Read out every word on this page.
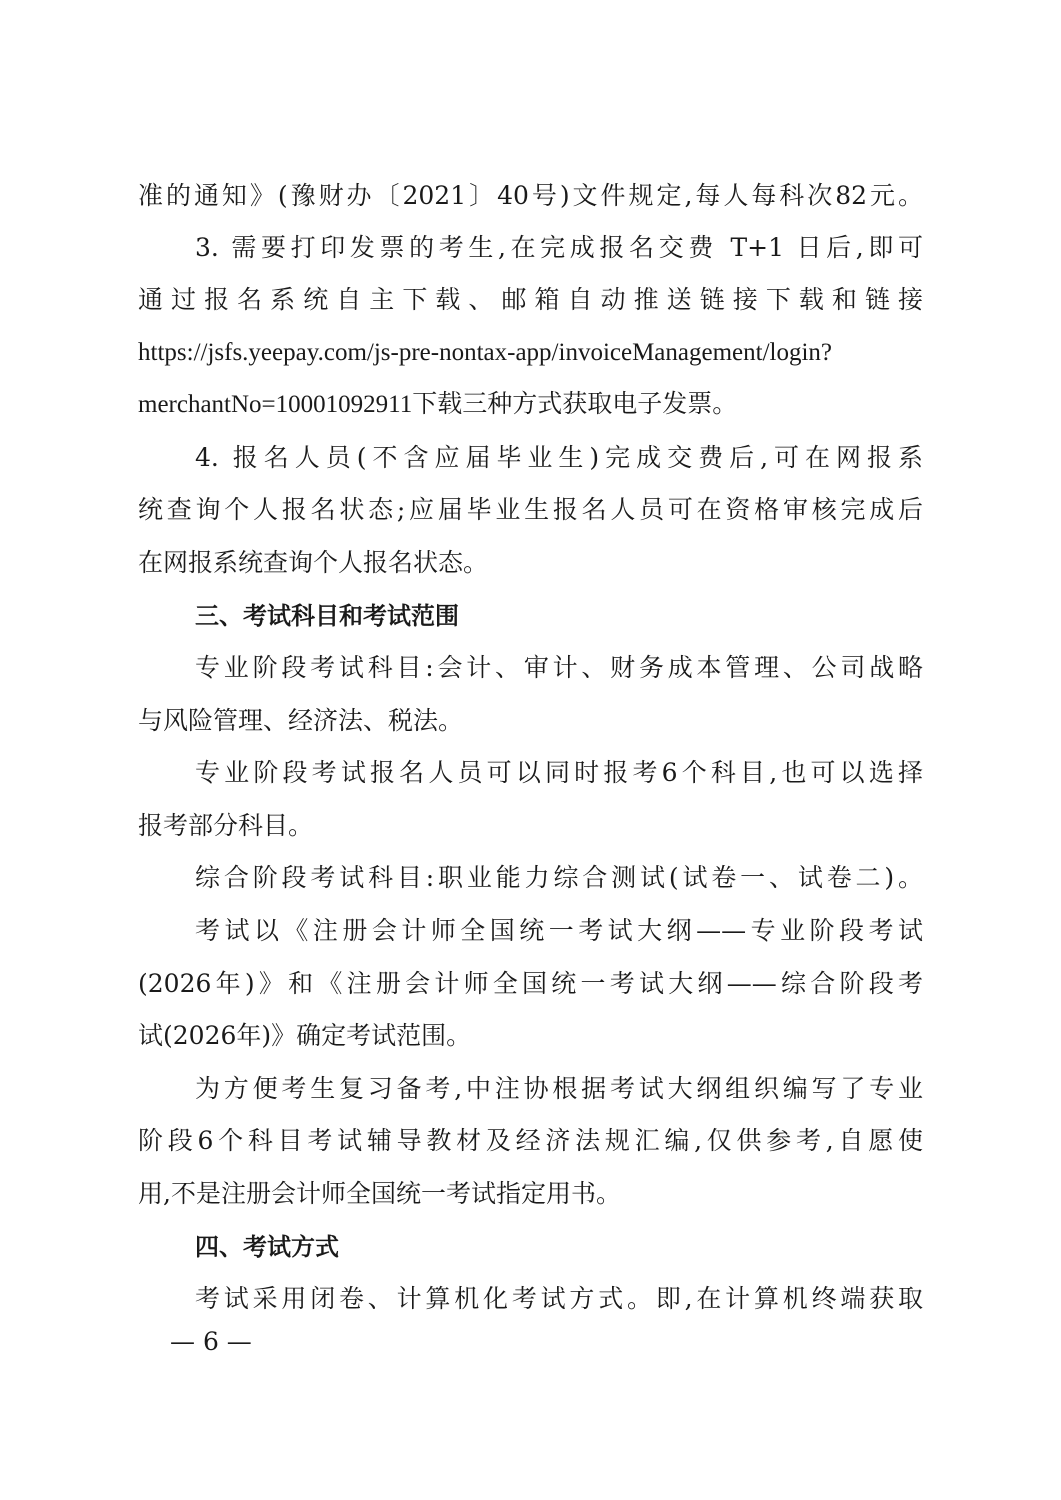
准的通知》(豫财办〔2021〕40号)文件规定,每人每科次82元。
3. 需要打印发票的考生,在完成报名交费 T+1 日后,即可
通过报名系统自主下载、邮箱自动推送链接下载和链接
https://jsfs.yeepay.com/js-pre-nontax-app/invoiceManagement/login?
merchantNo=10001092911下载三种方式获取电子发票。
4. 报名人员(不含应届毕业生)完成交费后,可在网报系
统查询个人报名状态;应届毕业生报名人员可在资格审核完成后
在网报系统查询个人报名状态。
三、考试科目和考试范围
专业阶段考试科目:会计、审计、财务成本管理、公司战略
与风险管理、经济法、税法。
专业阶段考试报名人员可以同时报考6个科目,也可以选择
报考部分科目。
综合阶段考试科目:职业能力综合测试(试卷一、试卷二)。
考试以《注册会计师全国统一考试大纲——专业阶段考试
(2026年)》和《注册会计师全国统一考试大纲——综合阶段考
试(2026年)》确定考试范围。
为方便考生复习备考,中注协根据考试大纲组织编写了专业
阶段6个科目考试辅导教材及经济法规汇编,仅供参考,自愿使
用,不是注册会计师全国统一考试指定用书。
四、考试方式
考试采用闭卷、计算机化考试方式。即,在计算机终端获取
— 6 —
